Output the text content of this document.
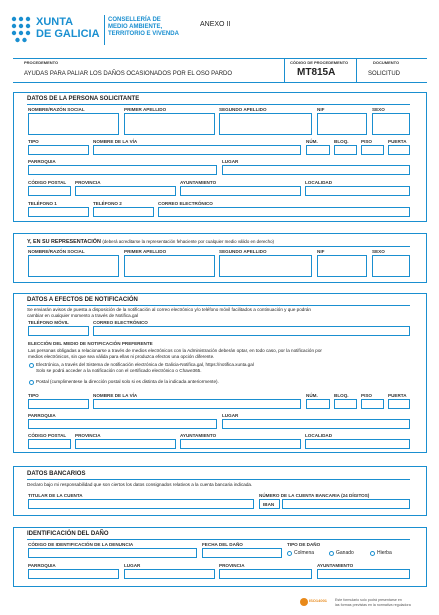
XUNTA
DE GALICIA
CONSELLERÍA DE
MEDIO AMBIENTE,
TERRITORIO E VIVENDA
ANEXO II
PROCEDEMENTO	CÓDIGO DE PROCEDEMENTO	DOCUMENTO
AYUDAS PARA PALIAR LOS DAÑOS OCASIONADOS POR EL OSO PARDO	MT815A	SOLICITUD
DATOS DE LA PERSONA SOLICITANTE
NOMBRE/RAZÓN SOCIAL	PRIMER APELLIDO	SEGUNDO APELLIDO	NIF	SEXO
TIPO	NOMBRE DE LA VÍA	NÚM.	BLOQ.	PISO	PUERTA
PARROQUIA	LUGAR
CÓDIGO POSTAL PROVINCIA	AYUNTAMIENTO	LOCALIDAD
TELÉFONO 1	TELÉFONO 2	CORREO ELECTRÓNICO
Y, EN SU REPRESENTACIÓN (deberá acreditarse la representación fehaciente por cualquier medio válido en derecho)
NOMBRE/RAZÓN SOCIAL	PRIMER APELLIDO	SEGUNDO APELLIDO	NIF	SEXO
DATOS A EFECTOS DE NOTIFICACIÓN
Se enviarán avisos de puesta a disposición de la notificación al correo electrónico y/o teléfono móvil facilitados a continuación y que podrán
cambiar en cualquier momento a través de Notifica.gal
TELÉFONO MÓVIL	CORREO ELECTRÓNICO
ELECCIÓN DEL MEDIO DE NOTIFICACIÓN PREFERENTE
Las personas obligadas a relacionarse a través de medios electrónicos con la Administración deberán optar, en todo caso, por la notificación por
medios electrónicos, sin que sea válida para ellas ni produzca efectos una opción diferente.
Electrónica, a través del Sistema de notificación electrónica de Galicia-Notifica.gal, https://notifica.xunta.gal
Solo se podrá acceder a la notificación con el certificado electrónico o Chave365.
Postal (cumplimentese la dirección postal solo si es distinta de la indicada anteriormente).
TIPO	NOMBRE DE LA VÍA	NÚM.	BLOQ.	PISO	PUERTA
PARROQUIA	LUGAR
CÓDIGO POSTAL PROVINCIA	AYUNTAMIENTO	LOCALIDAD
DATOS BANCARIOS
Declaro bajo mi responsabilidad que son ciertos los datos consignados relativos a la cuenta bancaria indicada.
TITULAR DE LA CUENTA	NÚMERO DE LA CUENTA BANCARIA (24 DÍGITOS)
IBAN
IDENTIFICACIÓN DEL DAÑO
CÓDIGO DE IDENTIFICACIÓN DE LA DENUNCIA	FECHA DEL DAÑO	TIPO DE DAÑO
Colmena	Ganado	Hierba
PARROQUIA	LUGAR	PROVINCIA	AYUNTAMIENTO
ISO14001 Este formulario solo podrá presentarse en
las formas previstas en la normativa reguladora
